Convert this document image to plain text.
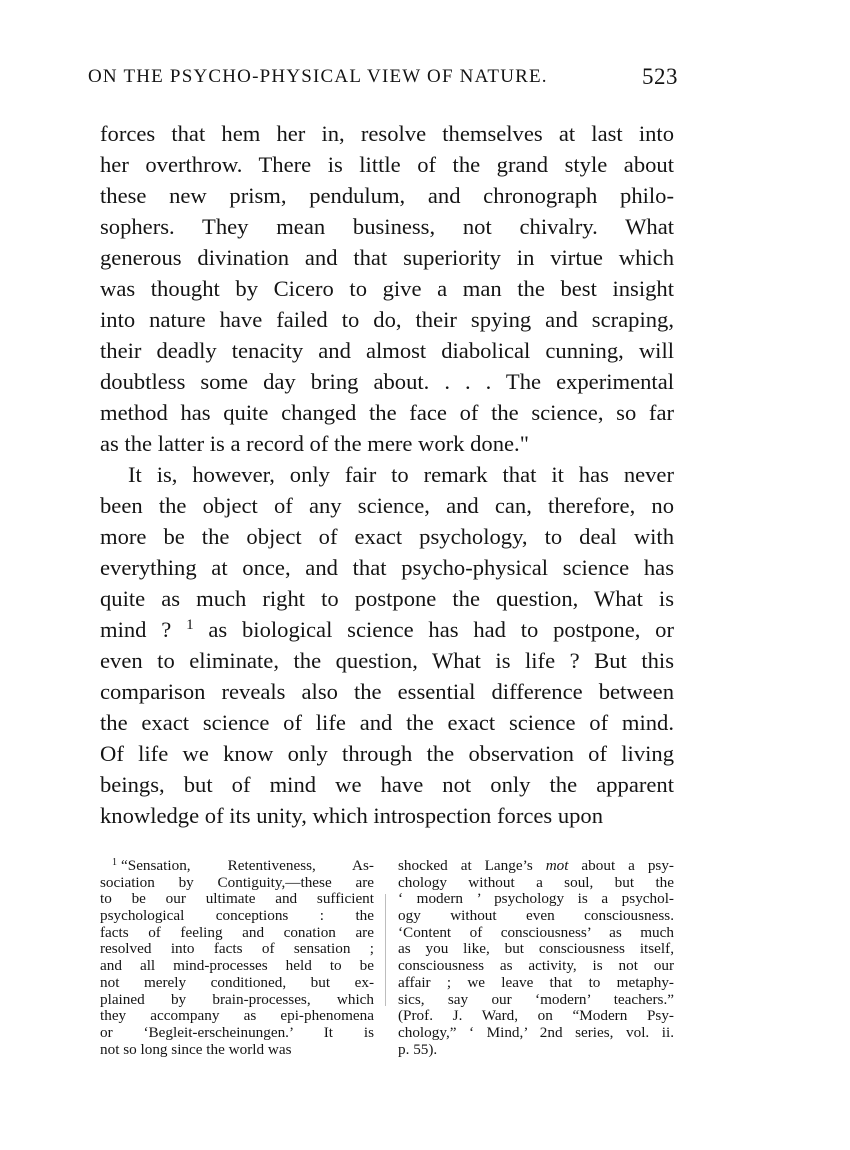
ON THE PSYCHO-PHYSICAL VIEW OF NATURE.	523
forces that hem her in, resolve themselves at last into
her overthrow. There is little of the grand style about
these new prism, pendulum, and chronograph philo-
sophers. They mean business, not chivalry. What
generous divination and that superiority in virtue which
was thought by Cicero to give a man the best insight
into nature have failed to do, their spying and scraping,
their deadly tenacity and almost diabolical cunning, will
doubtless some day bring about. . . . The experimental
method has quite changed the face of the science, so far
as the latter is a record of the mere work done."
It is, however, only fair to remark that it has never
been the object of any science, and can, therefore, no
more be the object of exact psychology, to deal with
everything at once, and that psycho-physical science has
quite as much right to postpone the question, What is
mind ? $^1$ as biological science has had to postpone, or
even to eliminate, the question, What is life ? But this
comparison reveals also the essential difference between
the exact science of life and the exact science of mind.
Of life we know only through the observation of living
beings, but of mind we have not only the apparent
knowledge of its unity, which introspection forces upon
$^1$ “Sensation, Retentiveness, As-
sociation by Contiguity,—these are
to be our ultimate and sufficient
psychological conceptions : the
facts of feeling and conation are
resolved into facts of sensation ;
and all mind-processes held to be
not merely conditioned, but ex-
plained by brain-processes, which
they accompany as epi-phenomena
or ‘Begleit-erscheinungen.’ It is
not so long since the world was
shocked at Lange’s mot about a psy-
chology without a soul, but the
‘ modern ’ psychology is a psychol-
ogy without even consciousness.
‘Content of consciousness’ as much
as you like, but consciousness itself,
consciousness as activity, is not our
affair ; we leave that to metaphy-
sics, say our ‘modern’ teachers.”
(Prof. J. Ward, on “Modern Psy-
chology,” ‘ Mind,’ 2nd series, vol. ii.
p. 55).
